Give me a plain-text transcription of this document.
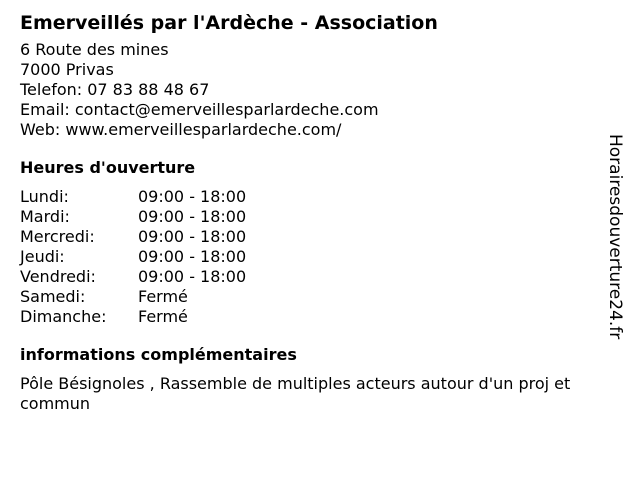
Emerveillés par l'Ardèche - Association
6 Route des mines
7000 Privas
Telefon: 07 83 88 48 67
Email: contact@emerveillesparlardeche.com
Web: www.emerveillesparlardeche.com/
Heures d'ouverture
Lundi:	09:00 - 18:00
Mardi:	09:00 - 18:00
Mercredi:	09:00 - 18:00
Jeudi:	09:00 - 18:00
Vendredi:	09:00 - 18:00
Samedi:	Fermé
Dimanche:	Fermé
informations complémentaires
Pôle Bésignoles , Rassemble de multiples acteurs autour d'un proj et commun
Horairesdouverture24.fr
